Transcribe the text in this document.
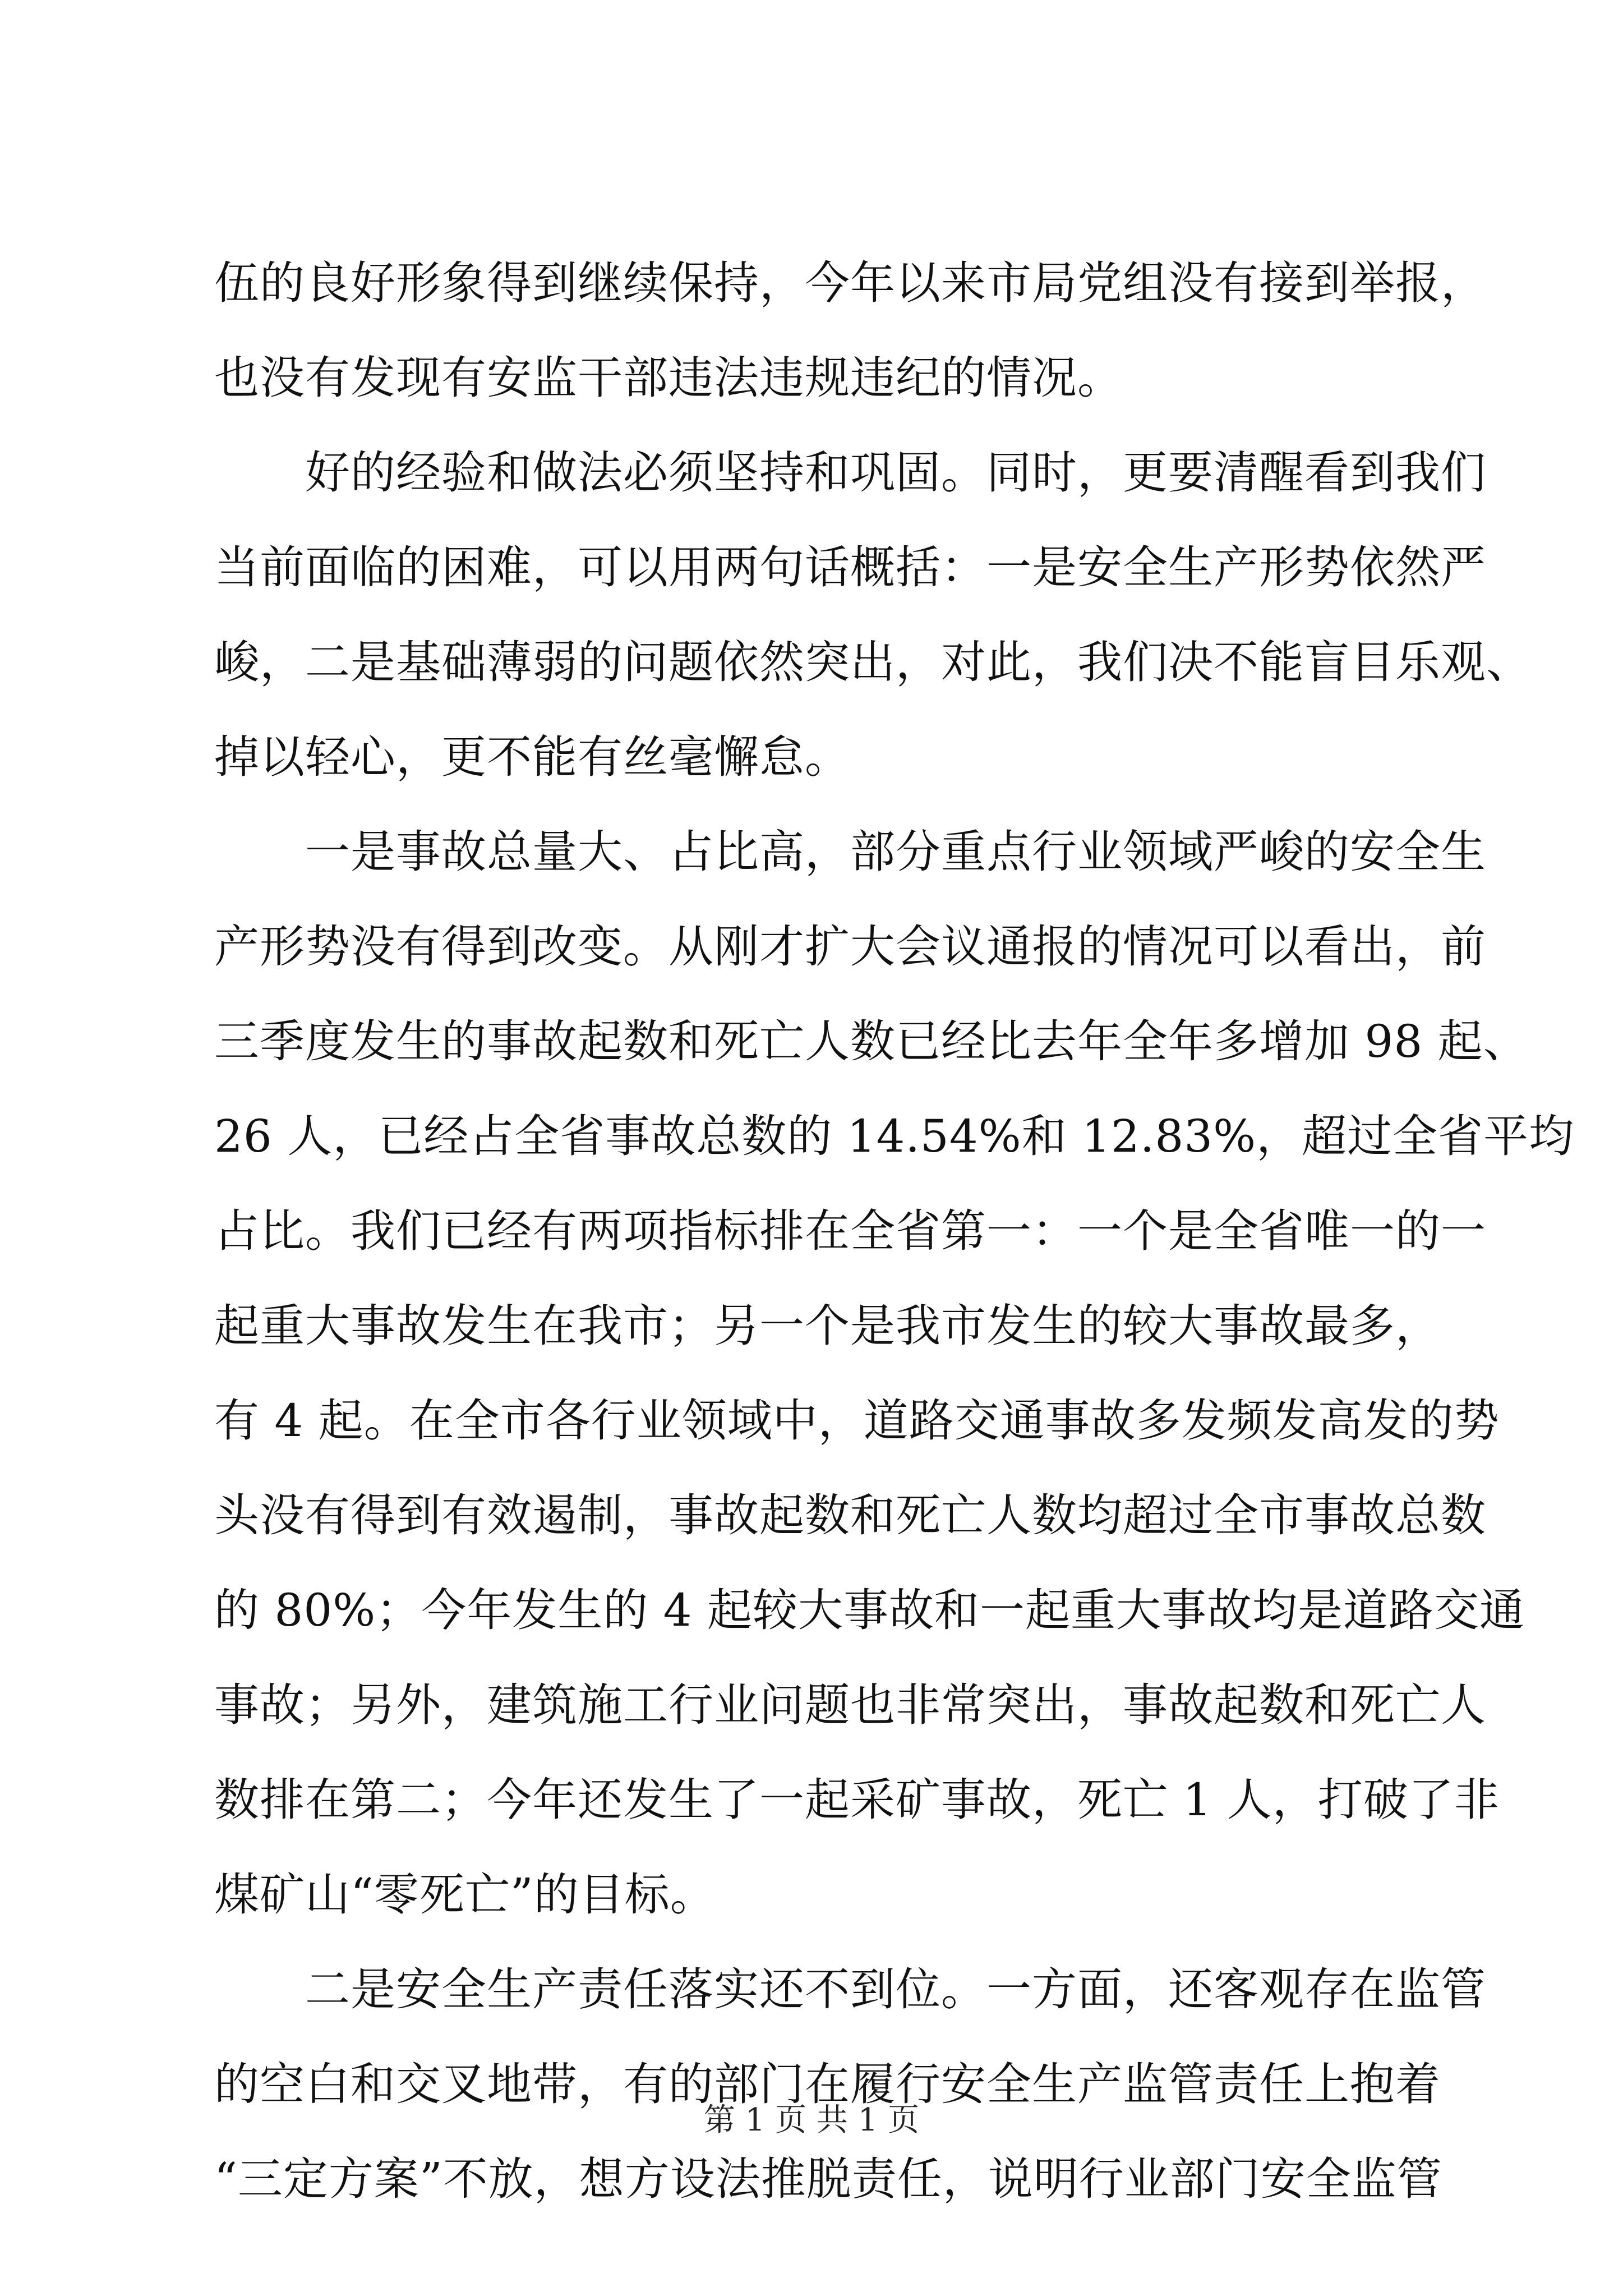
伍的良好形象得到继续保持，今年以来市局党组没有接到举报，
也没有发现有安监干部违法违规违纪的情况。
好的经验和做法必须坚持和巩固。同时，更要清醒看到我们
当前面临的困难，可以用两句话概括：一是安全生产形势依然严
峻，二是基础薄弱的问题依然突出，对此，我们决不能盲目乐观、
掉以轻心，更不能有丝毫懈怠。
一是事故总量大、占比高，部分重点行业领域严峻的安全生
产形势没有得到改变。从刚才扩大会议通报的情况可以看出，前
三季度发生的事故起数和死亡人数已经比去年全年多增加 98 起、
26 人，已经占全省事故总数的 14.54%和 12.83%，超过全省平均
占比。我们已经有两项指标排在全省第一：一个是全省唯一的一
起重大事故发生在我市；另一个是我市发生的较大事故最多，
有 4 起。在全市各行业领域中，道路交通事故多发频发高发的势
头没有得到有效遏制，事故起数和死亡人数均超过全市事故总数
的 80%；今年发生的 4 起较大事故和一起重大事故均是道路交通
事故；另外，建筑施工行业问题也非常突出，事故起数和死亡人
数排在第二；今年还发生了一起采矿事故，死亡 1 人，打破了非
煤矿山“零死亡”的目标。
二是安全生产责任落实还不到位。一方面，还客观存在监管
的空白和交叉地带，有的部门在履行安全生产监管责任上抱着
“三定方案”不放，想方设法推脱责任，说明行业部门安全监管
第 1 页 共 1 页
